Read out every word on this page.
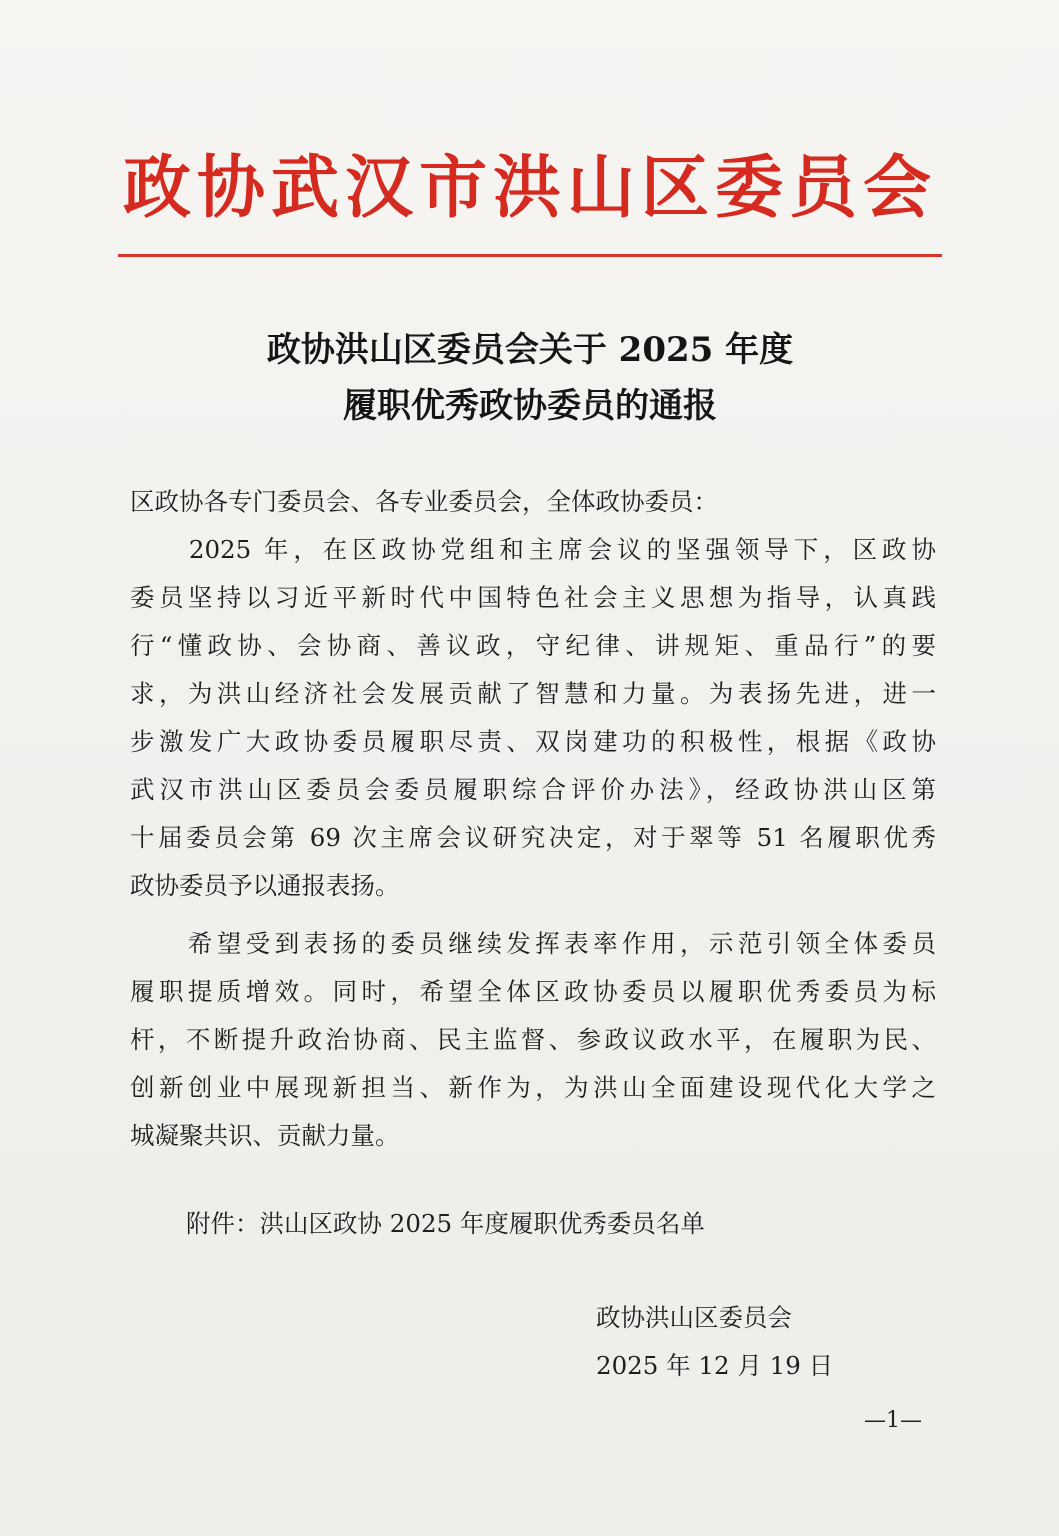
政协武汉市洪山区委员会
政协洪山区委员会关于 2025 年度
履职优秀政协委员的通报
区政协各专门委员会、各专业委员会，全体政协委员：
　　2025 年，在区政协党组和主席会议的坚强领导下，区政协
委员坚持以习近平新时代中国特色社会主义思想为指导，认真践
行“懂政协、会协商、善议政，守纪律、讲规矩、重品行”的要
求，为洪山经济社会发展贡献了智慧和力量。为表扬先进，进一
步激发广大政协委员履职尽责、双岗建功的积极性，根据《政协
武汉市洪山区委员会委员履职综合评价办法》，经政协洪山区第
十届委员会第 69 次主席会议研究决定，对于翠等 51 名履职优秀
政协委员予以通报表扬。
　　希望受到表扬的委员继续发挥表率作用，示范引领全体委员
履职提质增效。同时，希望全体区政协委员以履职优秀委员为标
杆，不断提升政治协商、民主监督、参政议政水平，在履职为民、
创新创业中展现新担当、新作为，为洪山全面建设现代化大学之
城凝聚共识、贡献力量。
附件：洪山区政协 2025 年度履职优秀委员名单
政协洪山区委员会
2025 年 12 月 19 日
—1—
